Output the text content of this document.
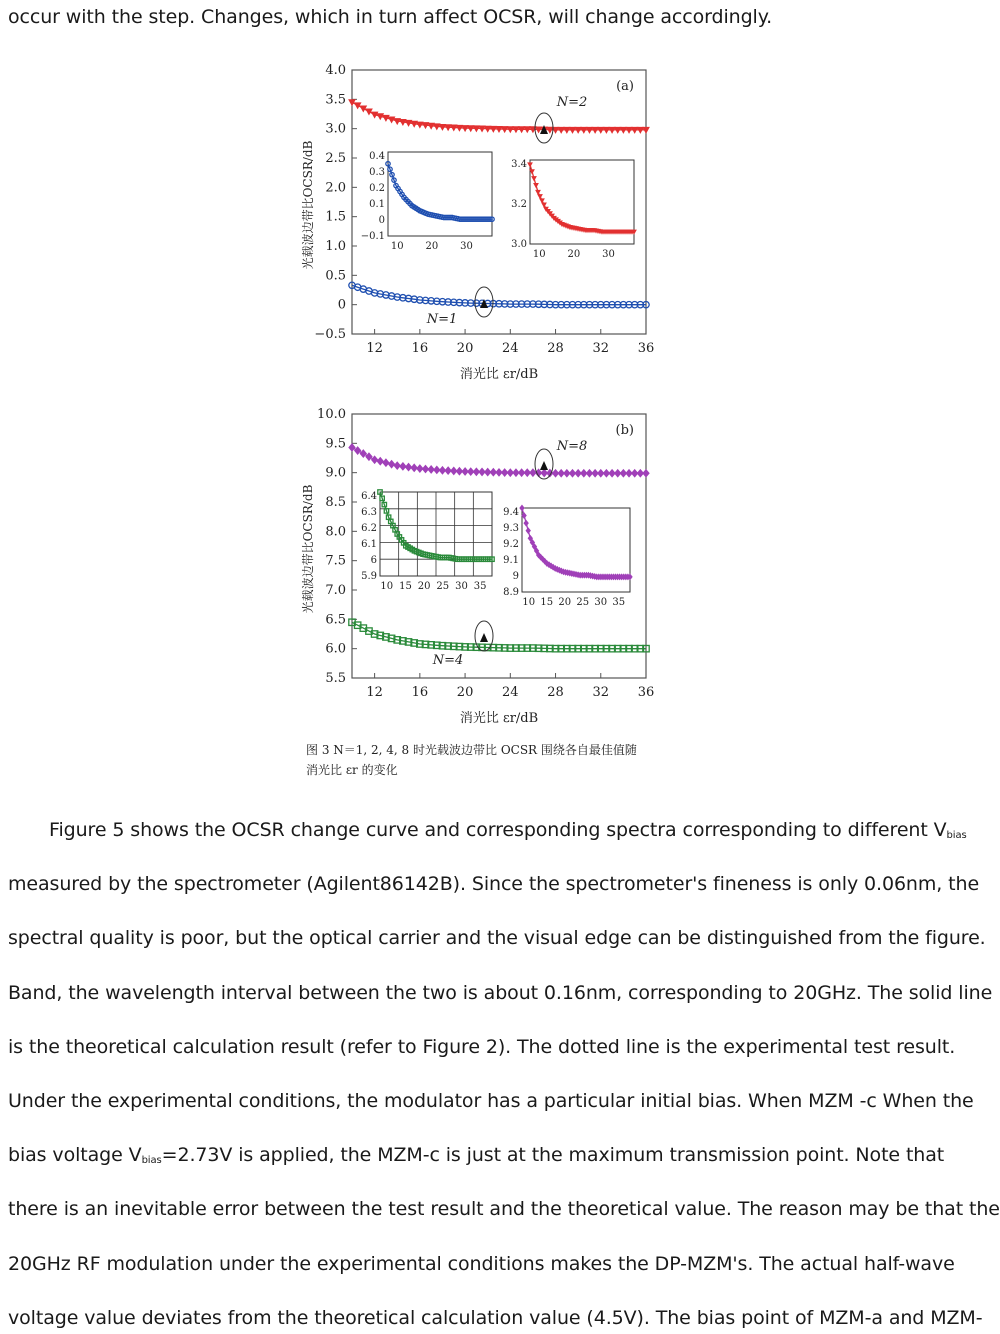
occur with the step. Changes, which in turn affect OCSR, will change accordingly.
4.0
3.5
3.0
2.5
2.0
1.5
1.0
0.5
0
−0.5
12 16 20 24 28 32 36
消光比 εr/dB
光载波边带比OCSR/dB
(a)
N=2
N=1
0.4
0.3
0.2
0.1
0
−0.1
10 20 30
3.4
3.2
3.0
10 20 30
10.0
9.5
9.0
8.5
8.0
7.5
7.0
6.5
6.0
5.5
12 16 20 24 28 32 36
消光比 εr/dB
光载波边带比OCSR/dB
(b)
N=8
N=4
6.4
6.3
6.2
6.1
6
5.9
10 15 20 25 30 35
9.4
9.3
9.2
9.1
9
8.9
10 15 20 25 30 35
图 3 N＝1, 2, 4, 8 时光载波边带比 OCSR 围绕各自最佳值随
消光比 εr 的变化
Figure 5 shows the OCSR change curve and corresponding spectra corresponding to different $V_{bias}$
measured by the spectrometer (Agilent86142B). Since the spectrometer's fineness is only 0.06nm, the
spectral quality is poor, but the optical carrier and the visual edge can be distinguished from the figure.
Band, the wavelength interval between the two is about 0.16nm, corresponding to 20GHz. The solid line
is the theoretical calculation result (refer to Figure 2). The dotted line is the experimental test result.
Under the experimental conditions, the modulator has a particular initial bias. When MZM -c When the
bias voltage $V_{bias}=2.73V$ is applied, the MZM-c is just at the maximum transmission point. Note that
there is an inevitable error between the test result and the theoretical value. The reason may be that the
20GHz RF modulation under the experimental conditions makes the DP-MZM's. The actual half-wave
voltage value deviates from the theoretical calculation value (4.5V). The bias point of MZM-a and MZM-
